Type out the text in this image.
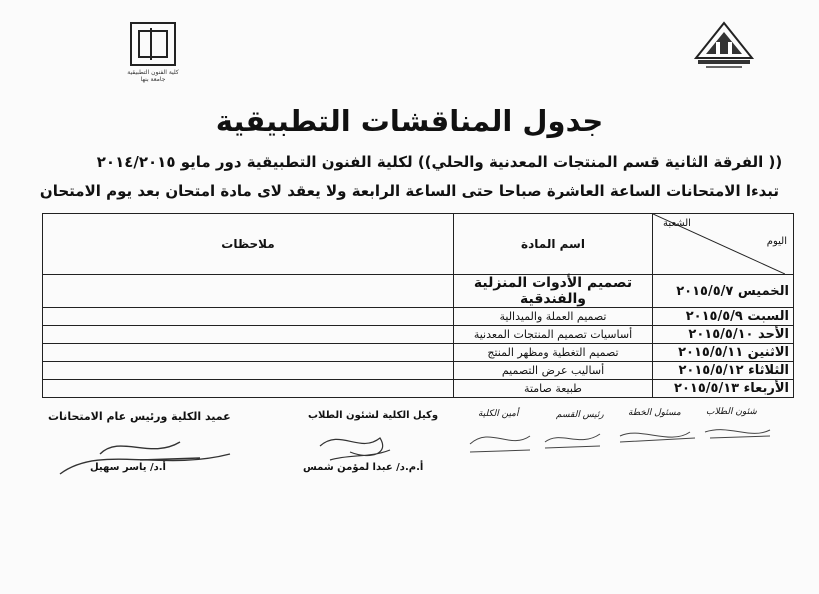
كلية الفنون التطبيقية جامعة بنها
جدول المناقشات التطبيقية
(( الفرقة الثانية قسم المنتجات المعدنية والحلي)) لكلية الفنون التطبيقية دور مايو ٢٠١٤/٢٠١٥
تبدءا الامتحانات الساعة العاشرة صباحا حتى الساعة الرابعة ولا يعقد لاى مادة امتحان بعد يوم الامتحان
الشعبة
اليوم	اسم المادة	ملاحظات
الخميس ٢٠١٥/٥/٧	تصميم الأدوات المنزلية والفندقية	
السبت ٢٠١٥/٥/٩	تصميم العملة والميدالية	
الأحد ٢٠١٥/٥/١٠	أساسيات تصميم المنتجات المعدنية	
الاثنين ٢٠١٥/٥/١١	تصميم التغطية ومظهر المنتج	
الثلاثاء ٢٠١٥/٥/١٢	أساليب عرض التصميم	
الأربعاء ٢٠١٥/٥/١٣	طبيعة صامتة	
شئون الطلاب
مسئول الخطة
رئيس القسم
أمين الكلية
وكيل الكلية لشئون الطلاب
أ.م.د/ عبدا لمؤمن شمس
عميد الكلية ورئيس عام الامتحانات
أ.د/ ياسر سهيل
